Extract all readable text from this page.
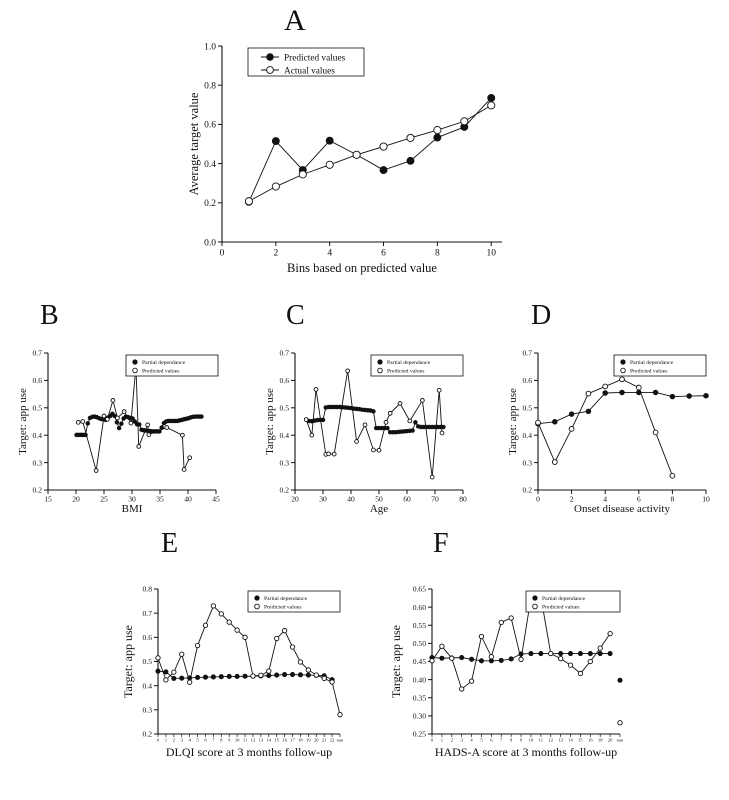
A
0.0
0.2
0.4
0.6
0.8
1.0
0	2	4	6	8	10
Bins based on predicted value
Average target value
Predicted values
Actual values
B
0.2
0.3
0.4
0.5
0.6
0.7
15	20	25	30	35	40	45
BMI
Target: app use
Partial dependance
Predicted values
C
0.2
0.3
0.4
0.5
0.6
0.7
20	30	40	50	60	70	80
Age
Target: app use
Partial dependance
Predicted values
D
0.2
0.3
0.4
0.5
0.6
0.7
0	2	4	6	8	10
Onset disease activity
Target: app use
Partial dependance
Predicted values
E
0.2
0.3
0.4
0.5
0.6
0.7
0.8
0 1 2 3 4 5 6 7 8 9 10 11 12 13 14 15 16 17 18 19 20 21 22 nan
DLQI score at 3 months follow-up
Target: app use
Partial dependance
Predicted values
F
0.25
0.30
0.35
0.40
0.45
0.50
0.55
0.60
0.65
0 1 2 3 4 5 6 7 8 9 10 11 12 13 14 15 16 18 20 nan
HADS-A score at 3 months follow-up
Target: app use
Partial dependance
Predicted values
